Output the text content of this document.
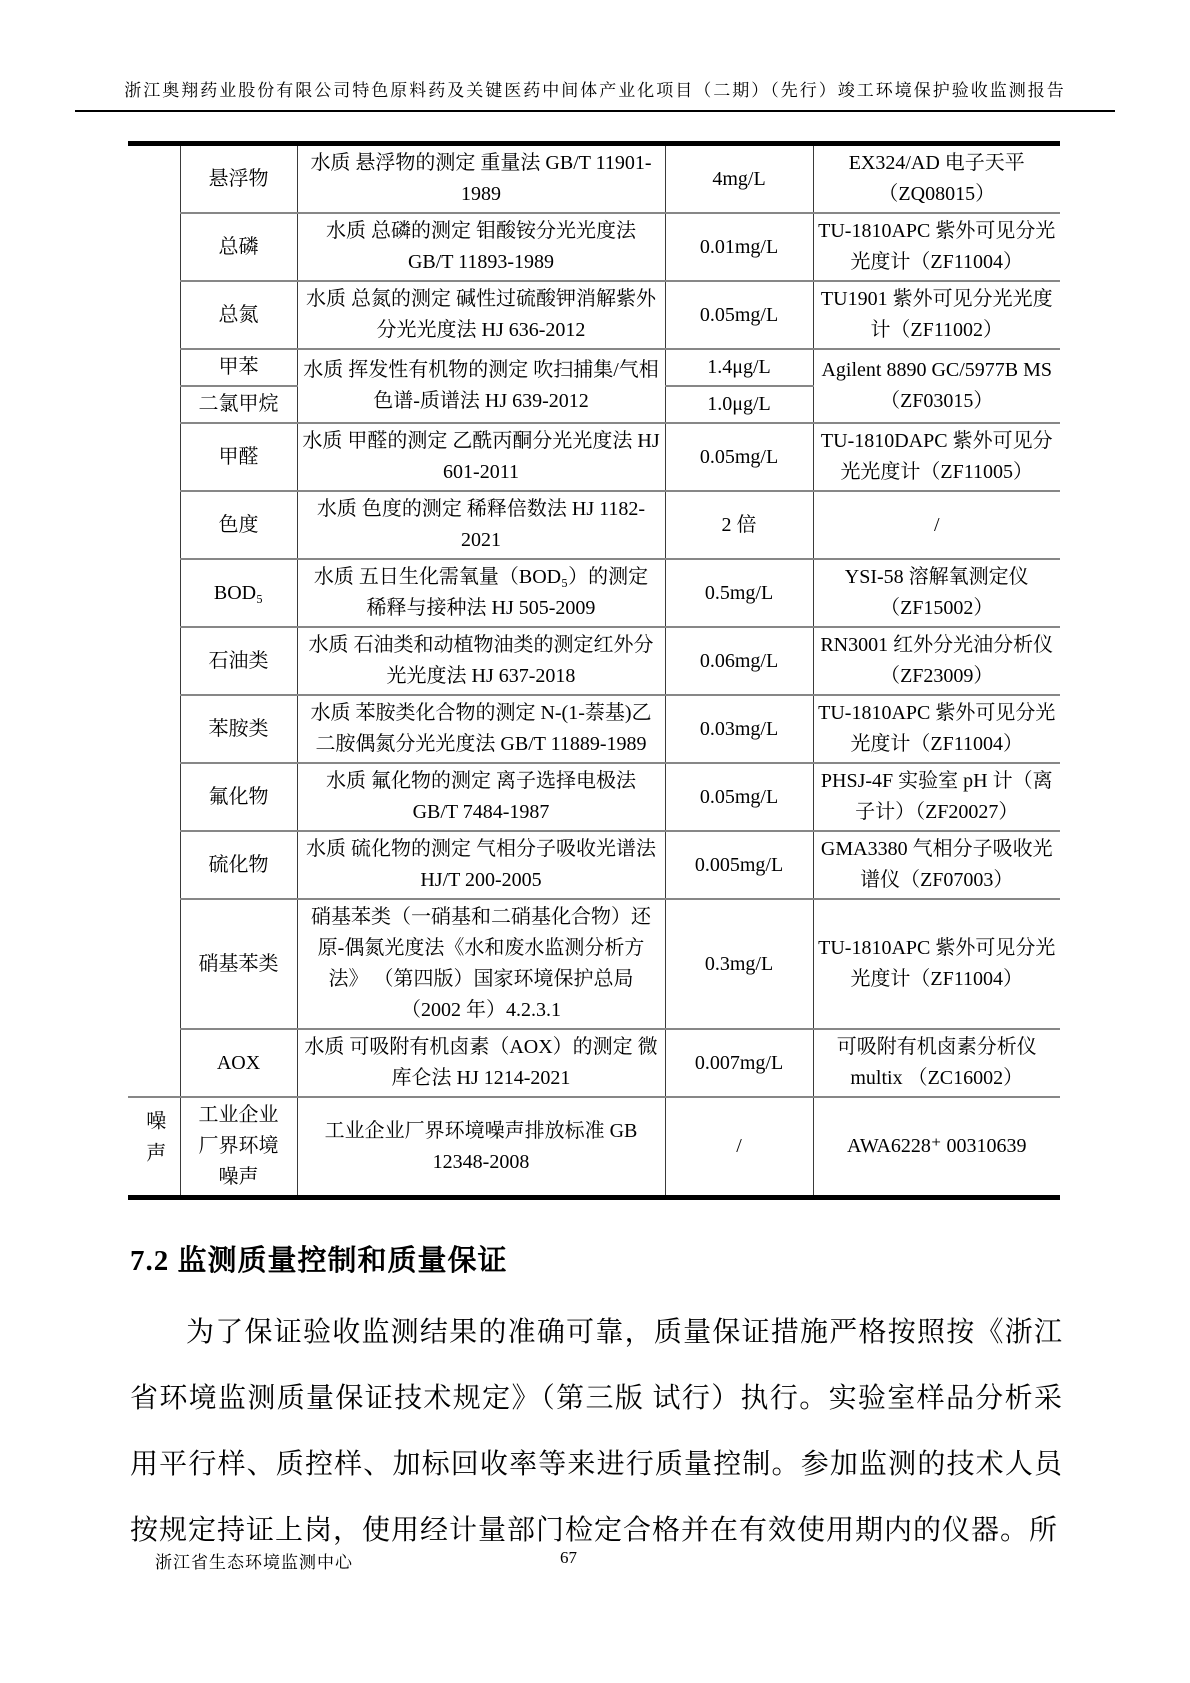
浙江奥翔药业股份有限公司特色原料药及关键医药中间体产业化项目（二期）（先行）竣工环境保护验收监测报告
	悬浮物	水质 悬浮物的测定 重量法 GB/T 11901-1989	4mg/L	EX324/AD 电子天平（ZQ08015）
	总磷	水质 总磷的测定 钼酸铵分光光度法 GB/T 11893-1989	0.01mg/L	TU-1810APC 紫外可见分光光度计（ZF11004）
	总氮	水质 总氮的测定 碱性过硫酸钾消解紫外分光光度法 HJ 636-2012	0.05mg/L	TU1901 紫外可见分光光度计（ZF11002）
	甲苯	水质 挥发性有机物的测定 吹扫捕集/气相色谱-质谱法 HJ 639-2012	1.4μg/L	Agilent 8890 GC/5977B MS（ZF03015）
	二氯甲烷		1.0μg/L	
	甲醛	水质 甲醛的测定 乙酰丙酮分光光度法 HJ 601-2011	0.05mg/L	TU-1810DAPC 紫外可见分光光度计（ZF11005）
	色度	水质 色度的测定 稀释倍数法 HJ 1182-2021	2 倍	/
	BOD₅	水质 五日生化需氧量（BOD₅）的测定 稀释与接种法 HJ 505-2009	0.5mg/L	YSI-58 溶解氧测定仪（ZF15002）
	石油类	水质 石油类和动植物油类的测定红外分光光度法 HJ 637-2018	0.06mg/L	RN3001 红外分光油分析仪（ZF23009）
	苯胺类	水质 苯胺类化合物的测定 N-(1-萘基)乙二胺偶氮分光光度法 GB/T 11889-1989	0.03mg/L	TU-1810APC 紫外可见分光光度计（ZF11004）
	氟化物	水质 氟化物的测定 离子选择电极法 GB/T 7484-1987	0.05mg/L	PHSJ-4F 实验室 pH 计（离子计）（ZF20027）
	硫化物	水质 硫化物的测定 气相分子吸收光谱法 HJ/T 200-2005	0.005mg/L	GMA3380 气相分子吸收光谱仪（ZF07003）
	硝基苯类	硝基苯类（一硝基和二硝基化合物）还原-偶氮光度法《水和废水监测分析方法》 （第四版）国家环境保护总局（2002 年）4.2.3.1	0.3mg/L	TU-1810APC 紫外可见分光光度计（ZF11004）
	AOX	水质 可吸附有机卤素（AOX）的测定 微库仑法 HJ 1214-2021	0.007mg/L	可吸附有机卤素分析仪 multix （ZC16002）
噪声	工业企业厂界环境噪声	工业企业厂界环境噪声排放标准 GB 12348-2008	/	AWA6228⁺ 00310639
7.2 监测质量控制和质量保证
为了保证验收监测结果的准确可靠，质量保证措施严格按照按《浙江省环境监测质量保证技术规定》（第三版 试行）执行。实验室样品分析采用平行样、质控样、加标回收率等来进行质量控制。参加监测的技术人员按规定持证上岗，使用经计量部门检定合格并在有效使用期内的仪器。所
浙江省生态环境监测中心	67
